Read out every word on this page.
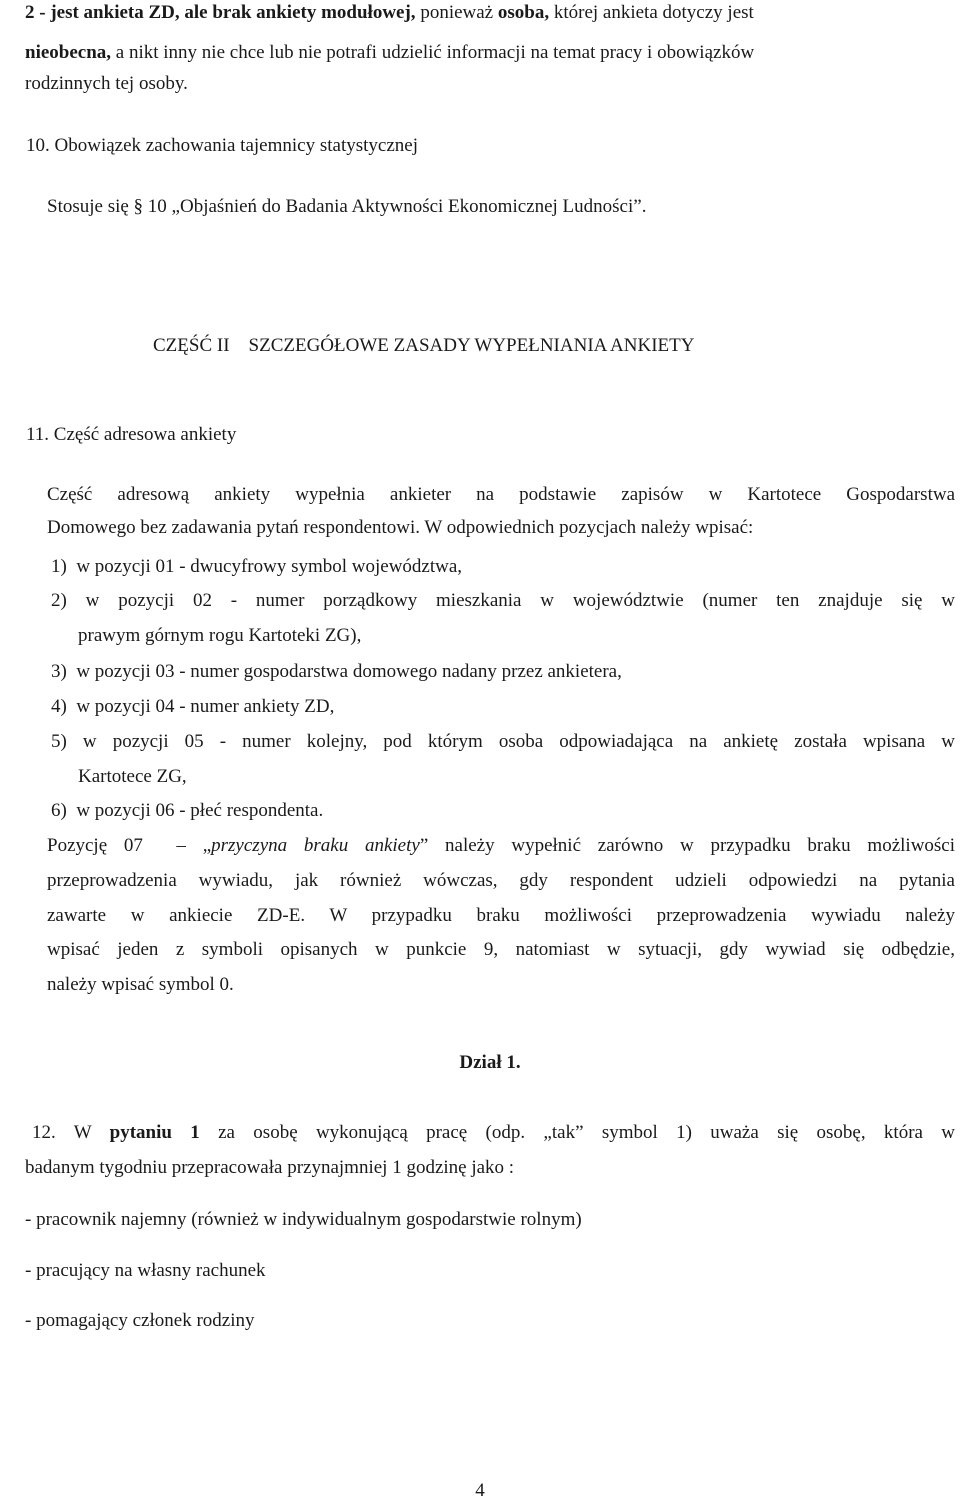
2 - jest ankieta ZD, ale brak ankiety modułowej, ponieważ osoba, której ankieta dotyczy jest
nieobecna, a nikt inny nie chce lub nie potrafi udzielić informacji na temat pracy i obowiązków
rodzinnych tej osoby.
10. Obowiązek zachowania tajemnicy statystycznej
Stosuje się § 10 „Objaśnień do Badania Aktywności Ekonomicznej Ludności”.
CZĘŚĆ II    SZCZEGÓŁOWE ZASADY WYPEŁNIANIA ANKIETY
11. Część adresowa ankiety
Część adresową ankiety wypełnia ankieter na podstawie zapisów w Kartotece Gospodarstwa
Domowego bez zadawania pytań respondentowi. W odpowiednich pozycjach należy wpisać:
1) w pozycji 01 - dwucyfrowy symbol województwa,
2) w pozycji 02 - numer porządkowy mieszkania w województwie (numer ten znajduje się w
prawym górnym rogu Kartoteki ZG),
3) w pozycji 03 - numer gospodarstwa domowego nadany przez ankietera,
4) w pozycji 04 - numer ankiety ZD,
5) w pozycji 05 - numer kolejny, pod którym osoba odpowiadająca na ankietę została wpisana w
Kartotece ZG,
6) w pozycji 06 - płeć respondenta.
Pozycję 07  – „przyczyna braku ankiety” należy wypełnić zarówno w przypadku braku możliwości
przeprowadzenia wywiadu, jak również wówczas, gdy respondent udzieli odpowiedzi na pytania
zawarte w ankiecie ZD-E. W przypadku braku możliwości przeprowadzenia wywiadu należy
wpisać jeden z symboli opisanych w punkcie 9, natomiast w sytuacji, gdy wywiad się odbędzie,
należy wpisać symbol 0.
Dział 1.
12. W pytaniu 1 za osobę wykonującą pracę (odp. „tak” symbol 1) uważa się osobę, która w
badanym tygodniu przepracowała przynajmniej 1 godzinę jako :
- pracownik najemny (również w indywidualnym gospodarstwie rolnym)
- pracujący na własny rachunek
- pomagający członek rodziny
4
